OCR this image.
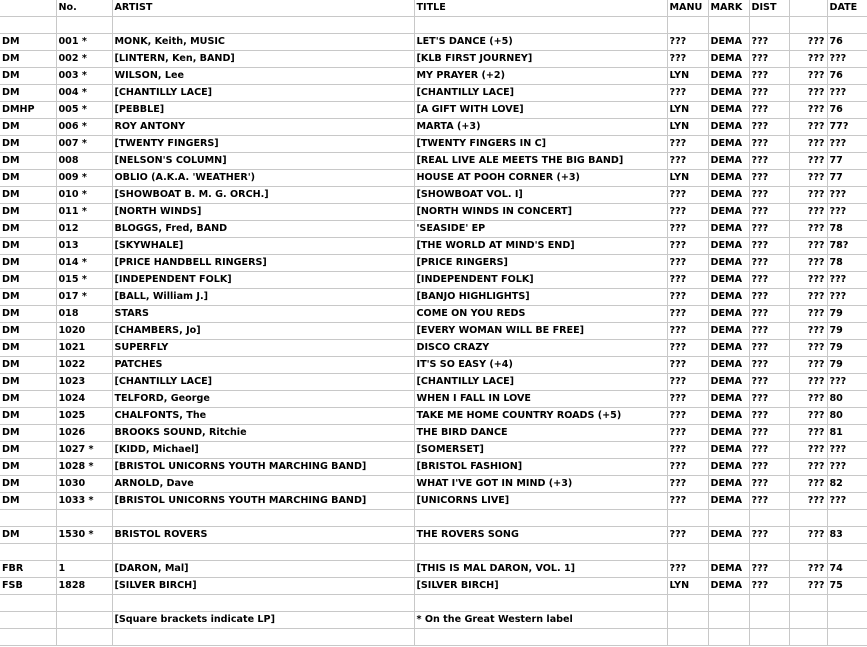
	No.	ARTIST	TITLE	MANU	MARK	DIST		DATE

DM	001 *	MONK, Keith, MUSIC	LET'S DANCE (+5)	???	DEMA	???	???	76
DM	002 *	[LINTERN, Ken, BAND]	[KLB FIRST JOURNEY]	???	DEMA	???	???	???
DM	003 *	WILSON, Lee	MY PRAYER (+2)	LYN	DEMA	???	???	76
DM	004 *	[CHANTILLY LACE]	[CHANTILLY LACE]	???	DEMA	???	???	???
DMHP	005 *	[PEBBLE]	[A GIFT WITH LOVE]	LYN	DEMA	???	???	76
DM	006 *	ROY ANTONY	MARTA (+3)	LYN	DEMA	???	???	77?
DM	007 *	[TWENTY FINGERS]	[TWENTY FINGERS IN C]	???	DEMA	???	???	???
DM	008	[NELSON'S COLUMN]	[REAL LIVE ALE MEETS THE BIG BAND]	???	DEMA	???	???	77
DM	009 *	OBLIO (A.K.A. 'WEATHER')	HOUSE AT POOH CORNER (+3)	LYN	DEMA	???	???	77
DM	010 *	[SHOWBOAT B. M. G. ORCH.]	[SHOWBOAT VOL. I]	???	DEMA	???	???	???
DM	011 *	[NORTH WINDS]	[NORTH WINDS IN CONCERT]	???	DEMA	???	???	???
DM	012	BLOGGS, Fred, BAND	'SEASIDE' EP	???	DEMA	???	???	78
DM	013	[SKYWHALE]	[THE WORLD AT MIND'S END]	???	DEMA	???	???	78?
DM	014 *	[PRICE HANDBELL RINGERS]	[PRICE RINGERS]	???	DEMA	???	???	78
DM	015 *	[INDEPENDENT FOLK]	[INDEPENDENT FOLK]	???	DEMA	???	???	???
DM	017 *	[BALL, William J.]	[BANJO HIGHLIGHTS]	???	DEMA	???	???	???
DM	018	STARS	COME ON YOU REDS	???	DEMA	???	???	79
DM	1020	[CHAMBERS, Jo]	[EVERY WOMAN WILL BE FREE]	???	DEMA	???	???	79
DM	1021	SUPERFLY	DISCO CRAZY	???	DEMA	???	???	79
DM	1022	PATCHES	IT'S SO EASY (+4)	???	DEMA	???	???	79
DM	1023	[CHANTILLY LACE]	[CHANTILLY LACE]	???	DEMA	???	???	???
DM	1024	TELFORD, George	WHEN I FALL IN LOVE	???	DEMA	???	???	80
DM	1025	CHALFONTS, The	TAKE ME HOME COUNTRY ROADS (+5)	???	DEMA	???	???	80
DM	1026	BROOKS SOUND, Ritchie	THE BIRD DANCE	???	DEMA	???	???	81
DM	1027 *	[KIDD, Michael]	[SOMERSET]	???	DEMA	???	???	???
DM	1028 *	[BRISTOL UNICORNS YOUTH MARCHING BAND]	[BRISTOL FASHION]	???	DEMA	???	???	???
DM	1030	ARNOLD, Dave	WHAT I'VE GOT IN MIND (+3)	???	DEMA	???	???	82
DM	1033 *	[BRISTOL UNICORNS YOUTH MARCHING BAND]	[UNICORNS LIVE]	???	DEMA	???	???	???

DM	1530 *	BRISTOL ROVERS	THE ROVERS SONG	???	DEMA	???	???	83

FBR	1	[DARON, Mal]	[THIS IS MAL DARON, VOL. 1]	???	DEMA	???	???	74
FSB	1828	[SILVER BIRCH]	[SILVER BIRCH]	LYN	DEMA	???	???	75

		[Square brackets indicate LP]	* On the Great Western label					
